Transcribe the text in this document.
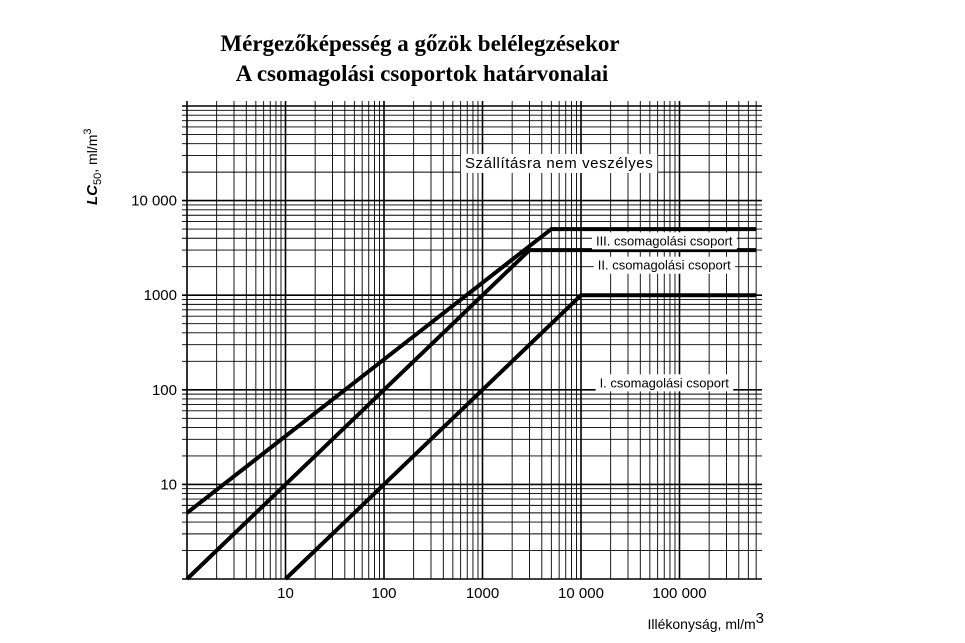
Mérgezőképesség a gőzök belélegzésekor
A csomagolási csoportok határvonalai
10	100	1000	10 000	100 000
10
100
1000
10 000
Szállításra nem veszélyes
III. csomagolási csoport
II. csomagolási csoport
I. csomagolási csoport
Illékonyság, ml/m3
$LC_{50}$, $ml/m^3$
